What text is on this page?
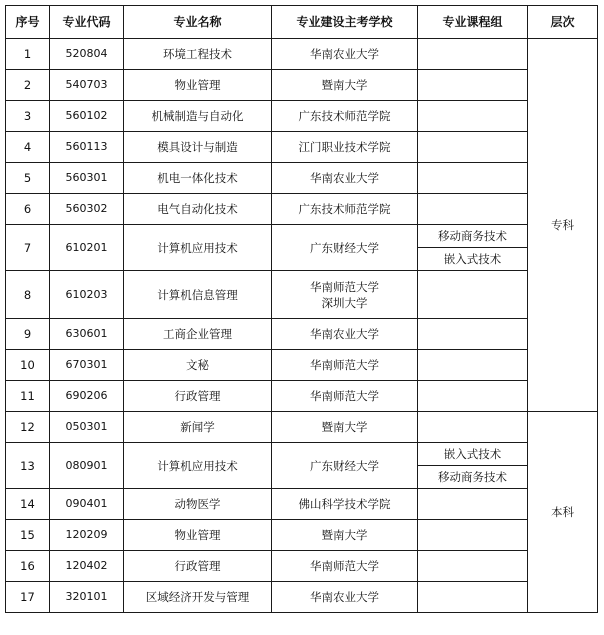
序号	专业代码	专业名称	专业建设主考学校	专业课程组	层次
1	520804	环境工程技术	华南农业大学		专科
2	540703	物业管理	暨南大学		
3	560102	机械制造与自动化	广东技术师范学院		
4	560113	模具设计与制造	江门职业技术学院		
5	560301	机电一体化技术	华南农业大学		
6	560302	电气自动化技术	广东技术师范学院		
7	610201	计算机应用技术	广东财经大学	移动商务技术	
				嵌入式技术	
8	610203	计算机信息管理	华南师范大学
深圳大学		

9	630601	工商企业管理	华南农业大学		
10	670301	文秘	华南师范大学		
11	690206	行政管理	华南师范大学		
12	050301	新闻学	暨南大学		本科
13	080901	计算机应用技术	广东财经大学	嵌入式技术	
				移动商务技术	
14	090401	动物医学	佛山科学技术学院		
15	120209	物业管理	暨南大学		
16	120402	行政管理	华南师范大学		
17	320101	区域经济开发与管理	华南农业大学		
